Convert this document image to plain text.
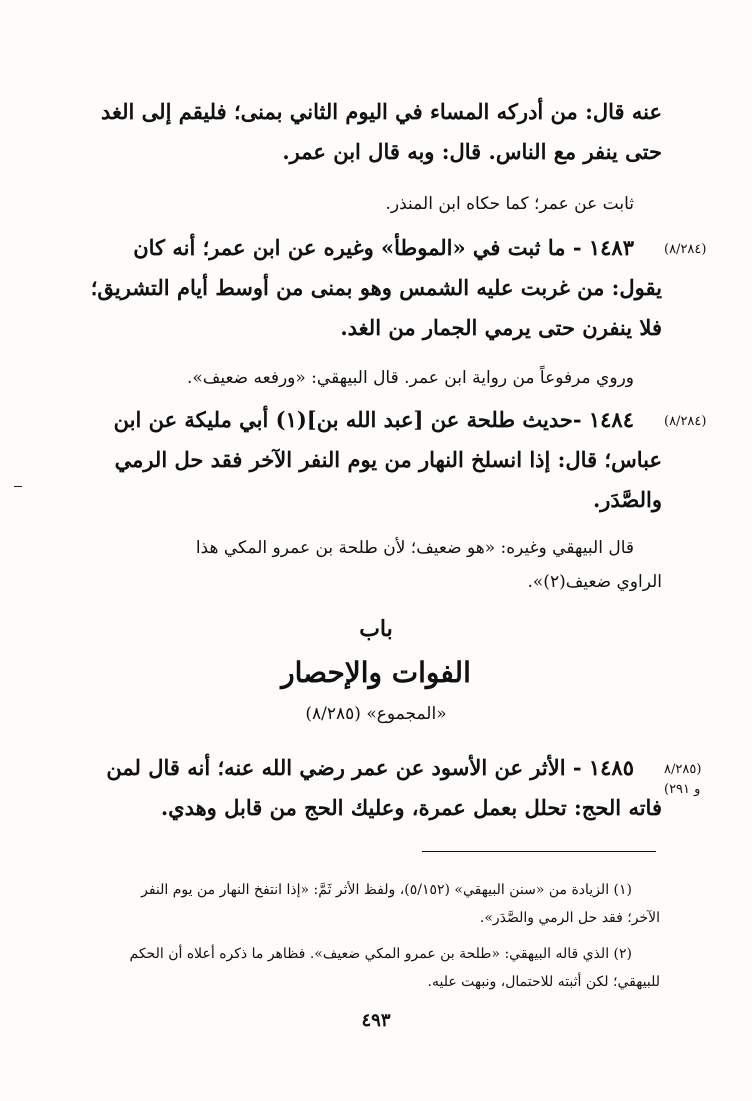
عنه قال: من أدركه المساء في اليوم الثاني بمنى؛ فليقم إلى الغد
حتى ينفر مع الناس. قال: وبه قال ابن عمر.
ثابت عن عمر؛ كما حكاه ابن المنذر.
(٨/٢٨٤)
١٤٨٣ - ما ثبت في «الموطأ» وغيره عن ابن عمر؛ أنه كان
يقول: من غربت عليه الشمس وهو بمنى من أوسط أيام التشريق؛
فلا ينفرن حتى يرمي الجمار من الغد.
وروي مرفوعاً من رواية ابن عمر. قال البيهقي: «ورفعه ضعيف».
(٨/٢٨٤)
١٤٨٤ -حديث طلحة عن [عبد الله بن](١) أبي مليكة عن ابن
عباس؛ قال: إذا انسلخ النهار من يوم النفر الآخر فقد حل الرمي
والصَّدَر.
قال البيهقي وغيره: «هو ضعيف؛ لأن طلحة بن عمرو المكي هذا
الراوي ضعيف(٢)».
باب
الفوات والإحصار
«المجموع» (٨/٢٨٥)
(٨/٢٨٥
و ٢٩١)
١٤٨٥ - الأثر عن الأسود عن عمر رضي الله عنه؛ أنه قال لمن
فاته الحج: تحلل بعمل عمرة، وعليك الحج من قابل وهدي.
(١) الزيادة من «سنن البيهقي» (٥/١٥٢)، ولفظ الأثر ثَمَّ: «إذا انتفخ النهار من يوم النفر
الآخر؛ فقد حل الرمي والصَّدَر».
(٢) الذي قاله البيهقي: «طلحة بن عمرو المكي ضعيف». فظاهر ما ذكره أعلاه أن الحكم
للبيهقي؛ لكن أثبته للاحتمال، ونبهت عليه.
٤٩٣
